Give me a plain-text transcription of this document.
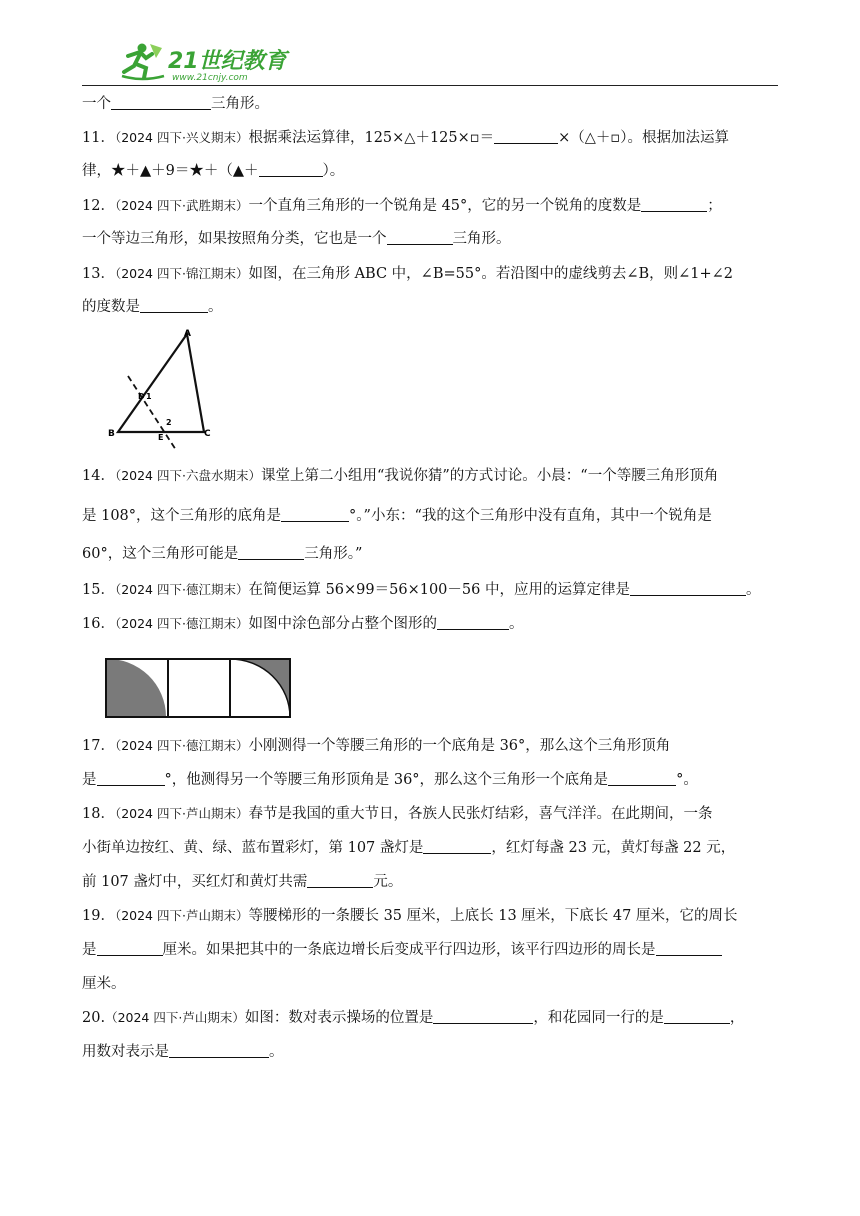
21世纪教育
www.21cnjy.com
一个	三角形。
11．（2024 四下·兴义期末）根据乘法运算律，125×△＋125×▫＝	×（△＋▫）。根据加法运算
律，★＋▲＋9＝★＋（▲＋	）。
12．（2024 四下·武胜期末）一个直角三角形的一个锐角是 45°，它的另一个锐角的度数是	；
一个等边三角形，如果按照角分类，它也是一个	三角形。
13．（2024 四下·锦江期末）如图，在三角形 ABC 中，∠B=55°。若沿图中的虚线剪去∠B，则∠1+∠2
的度数是	。
A
B	C
D 1
2
E
14．（2024 四下·六盘水期末）课堂上第二小组用“我说你猜”的方式讨论。小晨：“一个等腰三角形顶角
是 108°，这个三角形的底角是	°。”小东：“我的这个三角形中没有直角，其中一个锐角是
60°，这个三角形可能是	三角形。”
15．（2024 四下·德江期末）在简便运算 56×99＝56×100－56 中，应用的运算定律是	。
16．（2024 四下·德江期末）如图中涂色部分占整个图形的	。
17．（2024 四下·德江期末）小刚测得一个等腰三角形的一个底角是 36°，那么这个三角形顶角
是	°，他测得另一个等腰三角形顶角是 36°，那么这个三角形一个底角是	°。
18．（2024 四下·芦山期末）春节是我国的重大节日，各族人民张灯结彩，喜气洋洋。在此期间，一条
小街单边按红、黄、绿、蓝布置彩灯，第 107 盏灯是	，红灯每盏 23 元，黄灯每盏 22 元，
前 107 盏灯中，买红灯和黄灯共需	元。
19．（2024 四下·芦山期末）等腰梯形的一条腰长 35 厘米，上底长 13 厘米，下底长 47 厘米，它的周长
是	厘米。如果把其中的一条底边增长后变成平行四边形，该平行四边形的周长是
厘米。
20.（2024 四下·芦山期末）如图：数对表示操场的位置是	，和花园同一行的是	，
用数对表示是	。
